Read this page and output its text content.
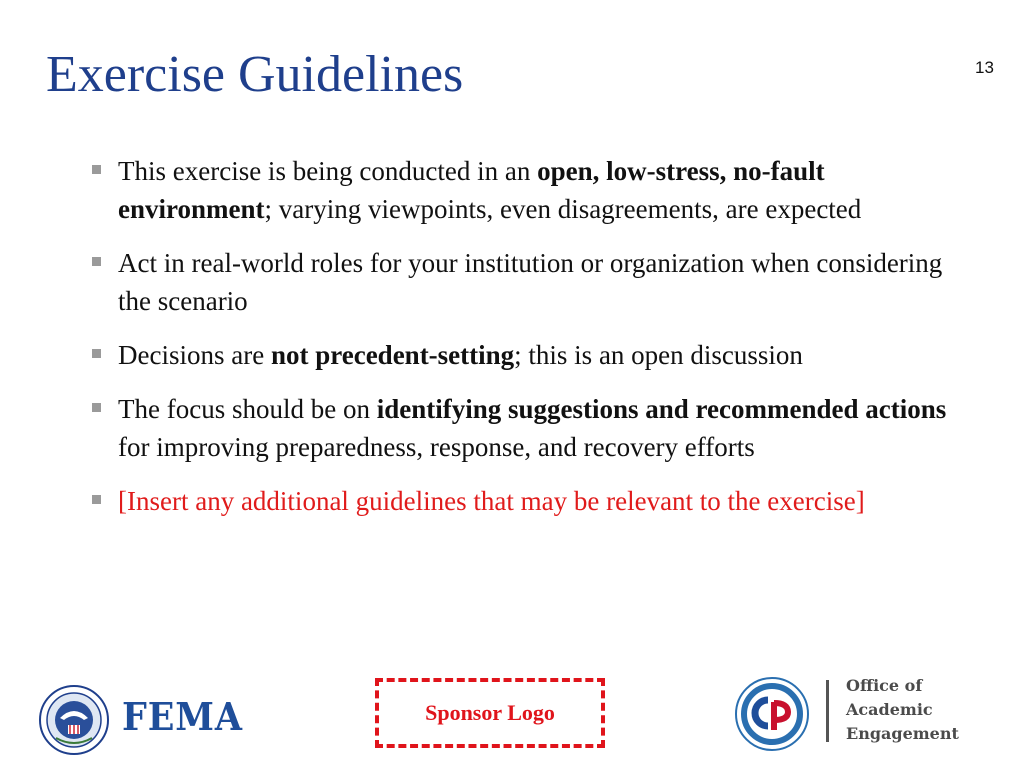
Exercise Guidelines
This exercise is being conducted in an open, low-stress, no-fault environment; varying viewpoints, even disagreements, are expected
Act in real-world roles for your institution or organization when considering the scenario
Decisions are not precedent-setting; this is an open discussion
The focus should be on identifying suggestions and recommended actions for improving preparedness, response, and recovery efforts
[Insert any additional guidelines that may be relevant to the exercise]
FEMA	Sponsor Logo
Office of
Academic
Engagement
13
